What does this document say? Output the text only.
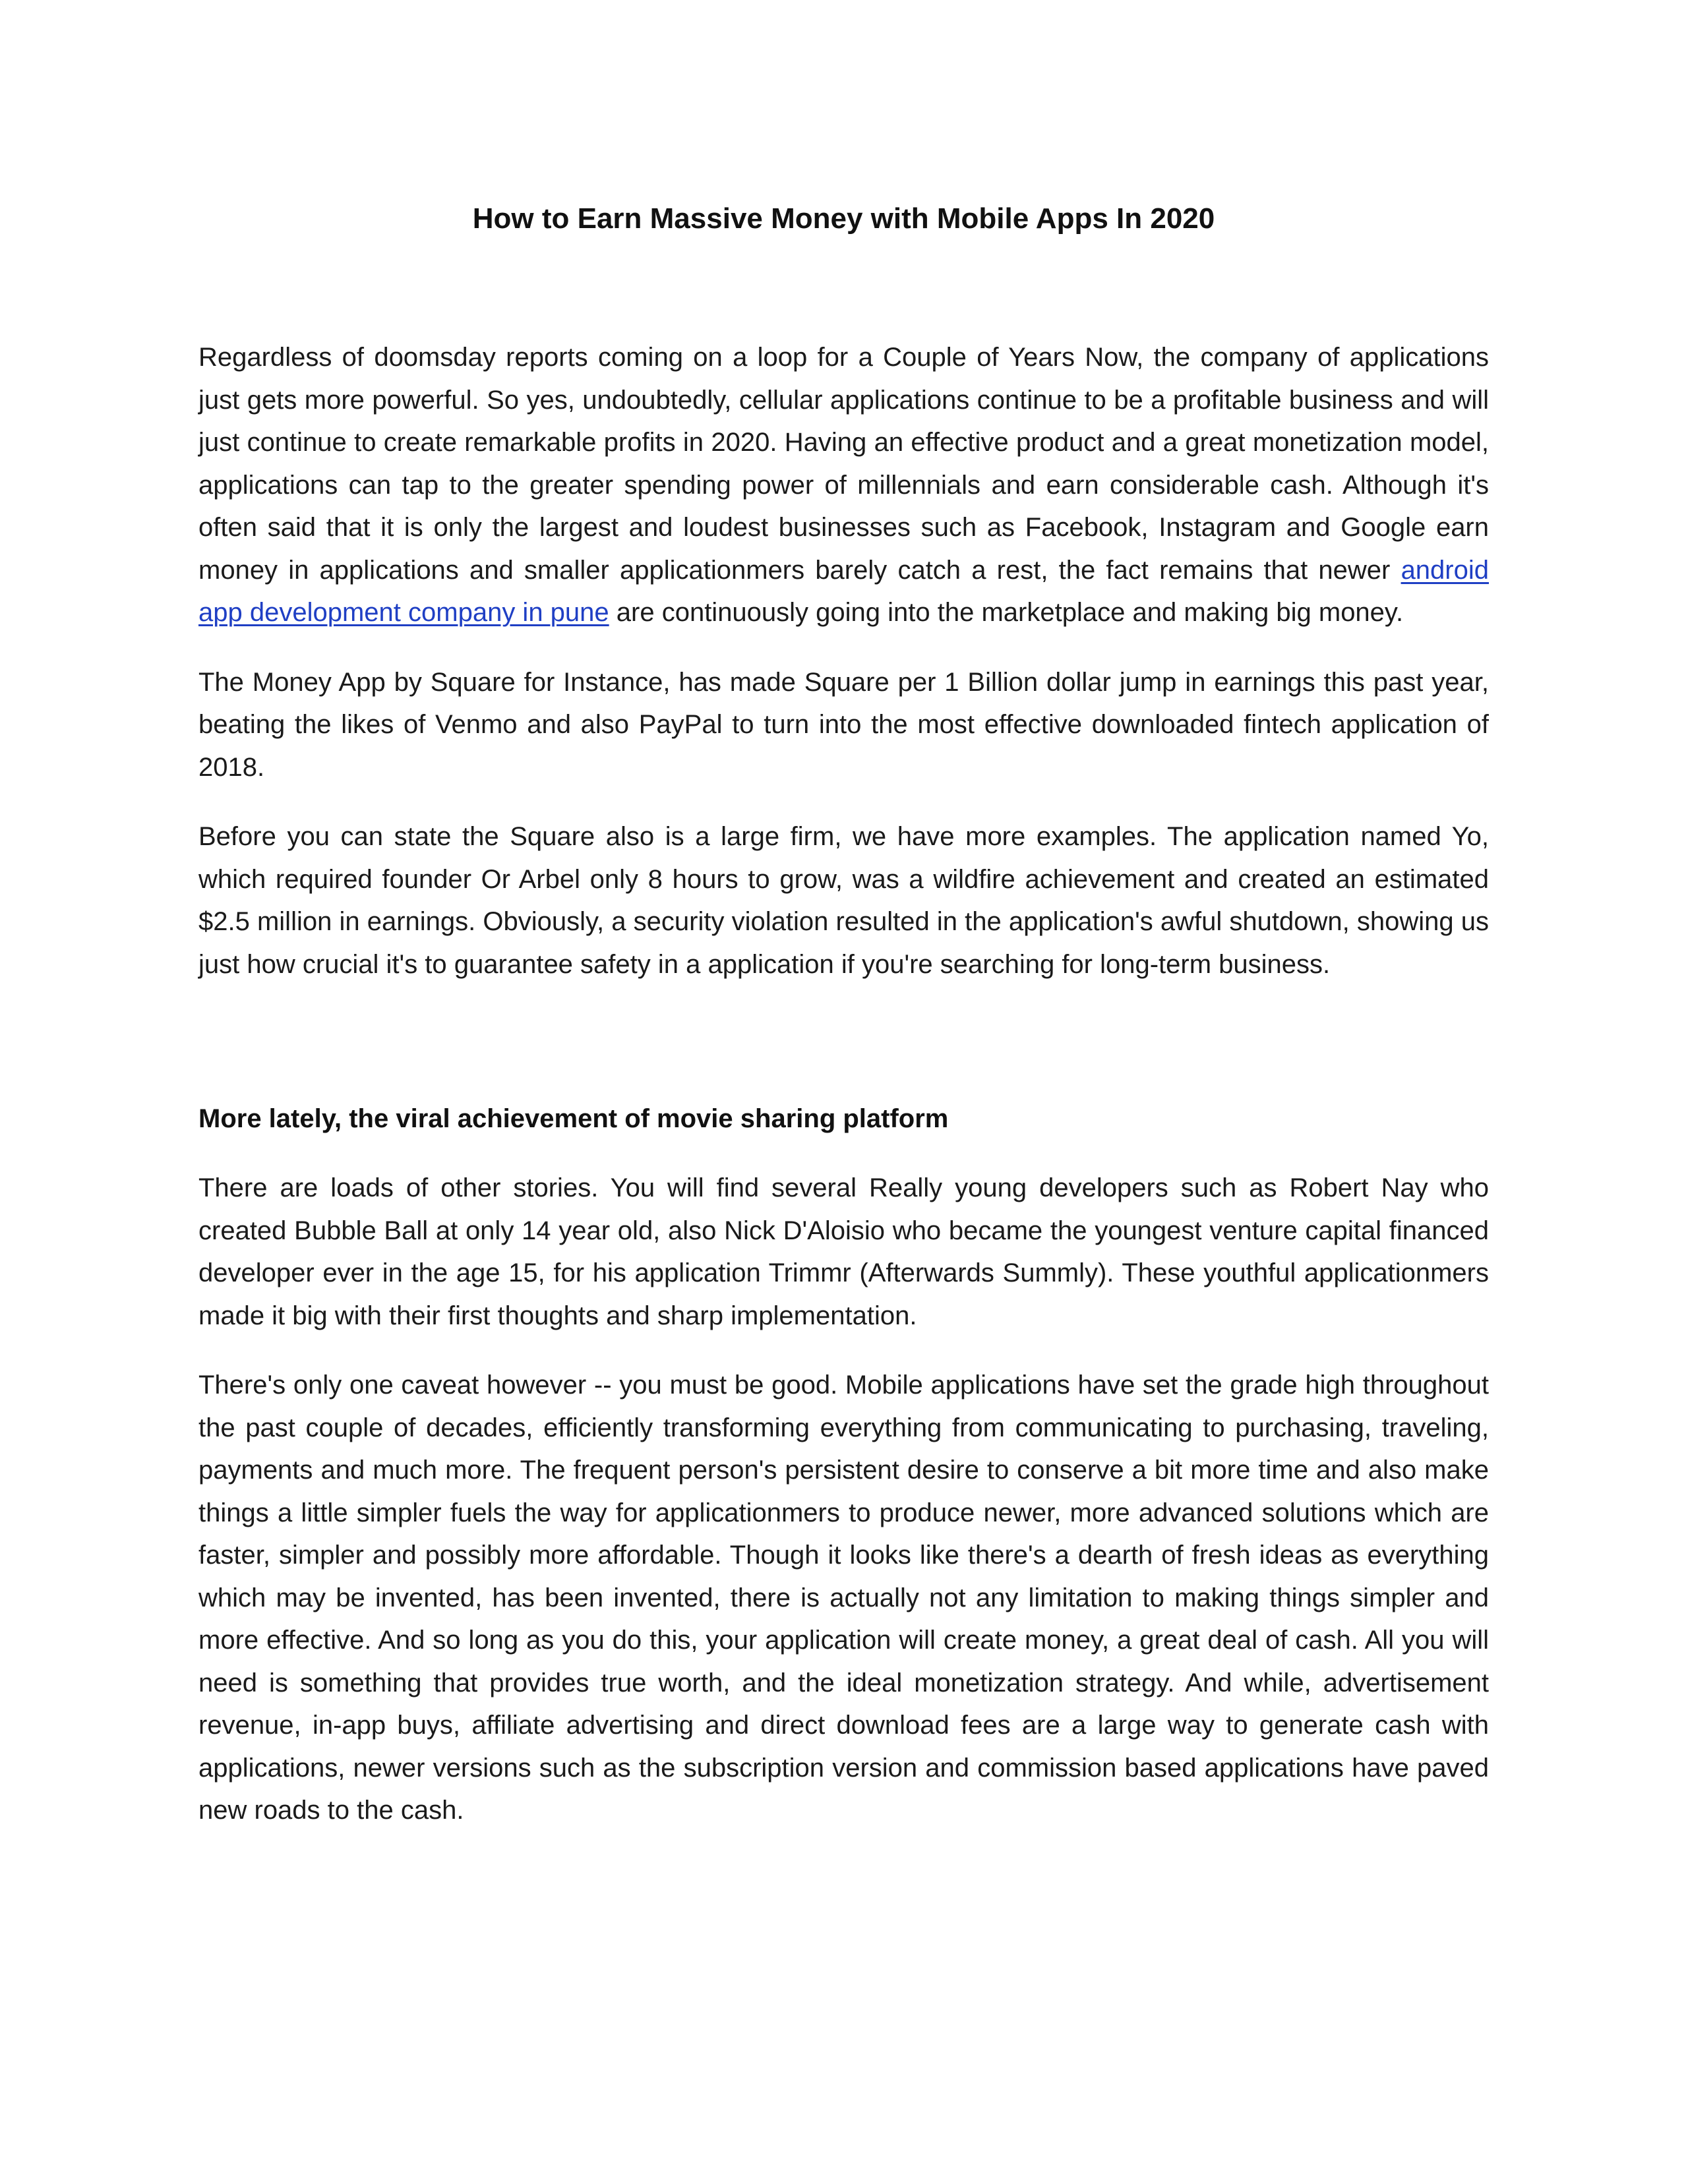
How to Earn Massive Money with Mobile Apps In 2020

Regardless of doomsday reports coming on a loop for a Couple of Years Now, the company of applications just gets more powerful. So yes, undoubtedly, cellular applications continue to be a profitable business and will just continue to create remarkable profits in 2020. Having an effective product and a great monetization model, applications can tap to the greater spending power of millennials and earn considerable cash. Although it's often said that it is only the largest and loudest businesses such as Facebook, Instagram and Google earn money in applications and smaller applicationmers barely catch a rest, the fact remains that newer android app development company in pune are continuously going into the marketplace and making big money.

The Money App by Square for Instance, has made Square per 1 Billion dollar jump in earnings this past year, beating the likes of Venmo and also PayPal to turn into the most effective downloaded fintech application of 2018.

Before you can state the Square also is a large firm, we have more examples. The application named Yo, which required founder Or Arbel only 8 hours to grow, was a wildfire achievement and created an estimated $2.5 million in earnings. Obviously, a security violation resulted in the application's awful shutdown, showing us just how crucial it's to guarantee safety in a application if you're searching for long-term business.

More lately, the viral achievement of movie sharing platform

There are loads of other stories. You will find several Really young developers such as Robert Nay who created Bubble Ball at only 14 year old, also Nick D'Aloisio who became the youngest venture capital financed developer ever in the age 15, for his application Trimmr (Afterwards Summly). These youthful applicationmers made it big with their first thoughts and sharp implementation.

There's only one caveat however -- you must be good. Mobile applications have set the grade high throughout the past couple of decades, efficiently transforming everything from communicating to purchasing, traveling, payments and much more. The frequent person's persistent desire to conserve a bit more time and also make things a little simpler fuels the way for applicationmers to produce newer, more advanced solutions which are faster, simpler and possibly more affordable. Though it looks like there's a dearth of fresh ideas as everything which may be invented, has been invented, there is actually not any limitation to making things simpler and more effective. And so long as you do this, your application will create money, a great deal of cash. All you will need is something that provides true worth, and the ideal monetization strategy. And while, advertisement revenue, in-app buys, affiliate advertising and direct download fees are a large way to generate cash with applications, newer versions such as the subscription version and commission based applications have paved new roads to the cash.
